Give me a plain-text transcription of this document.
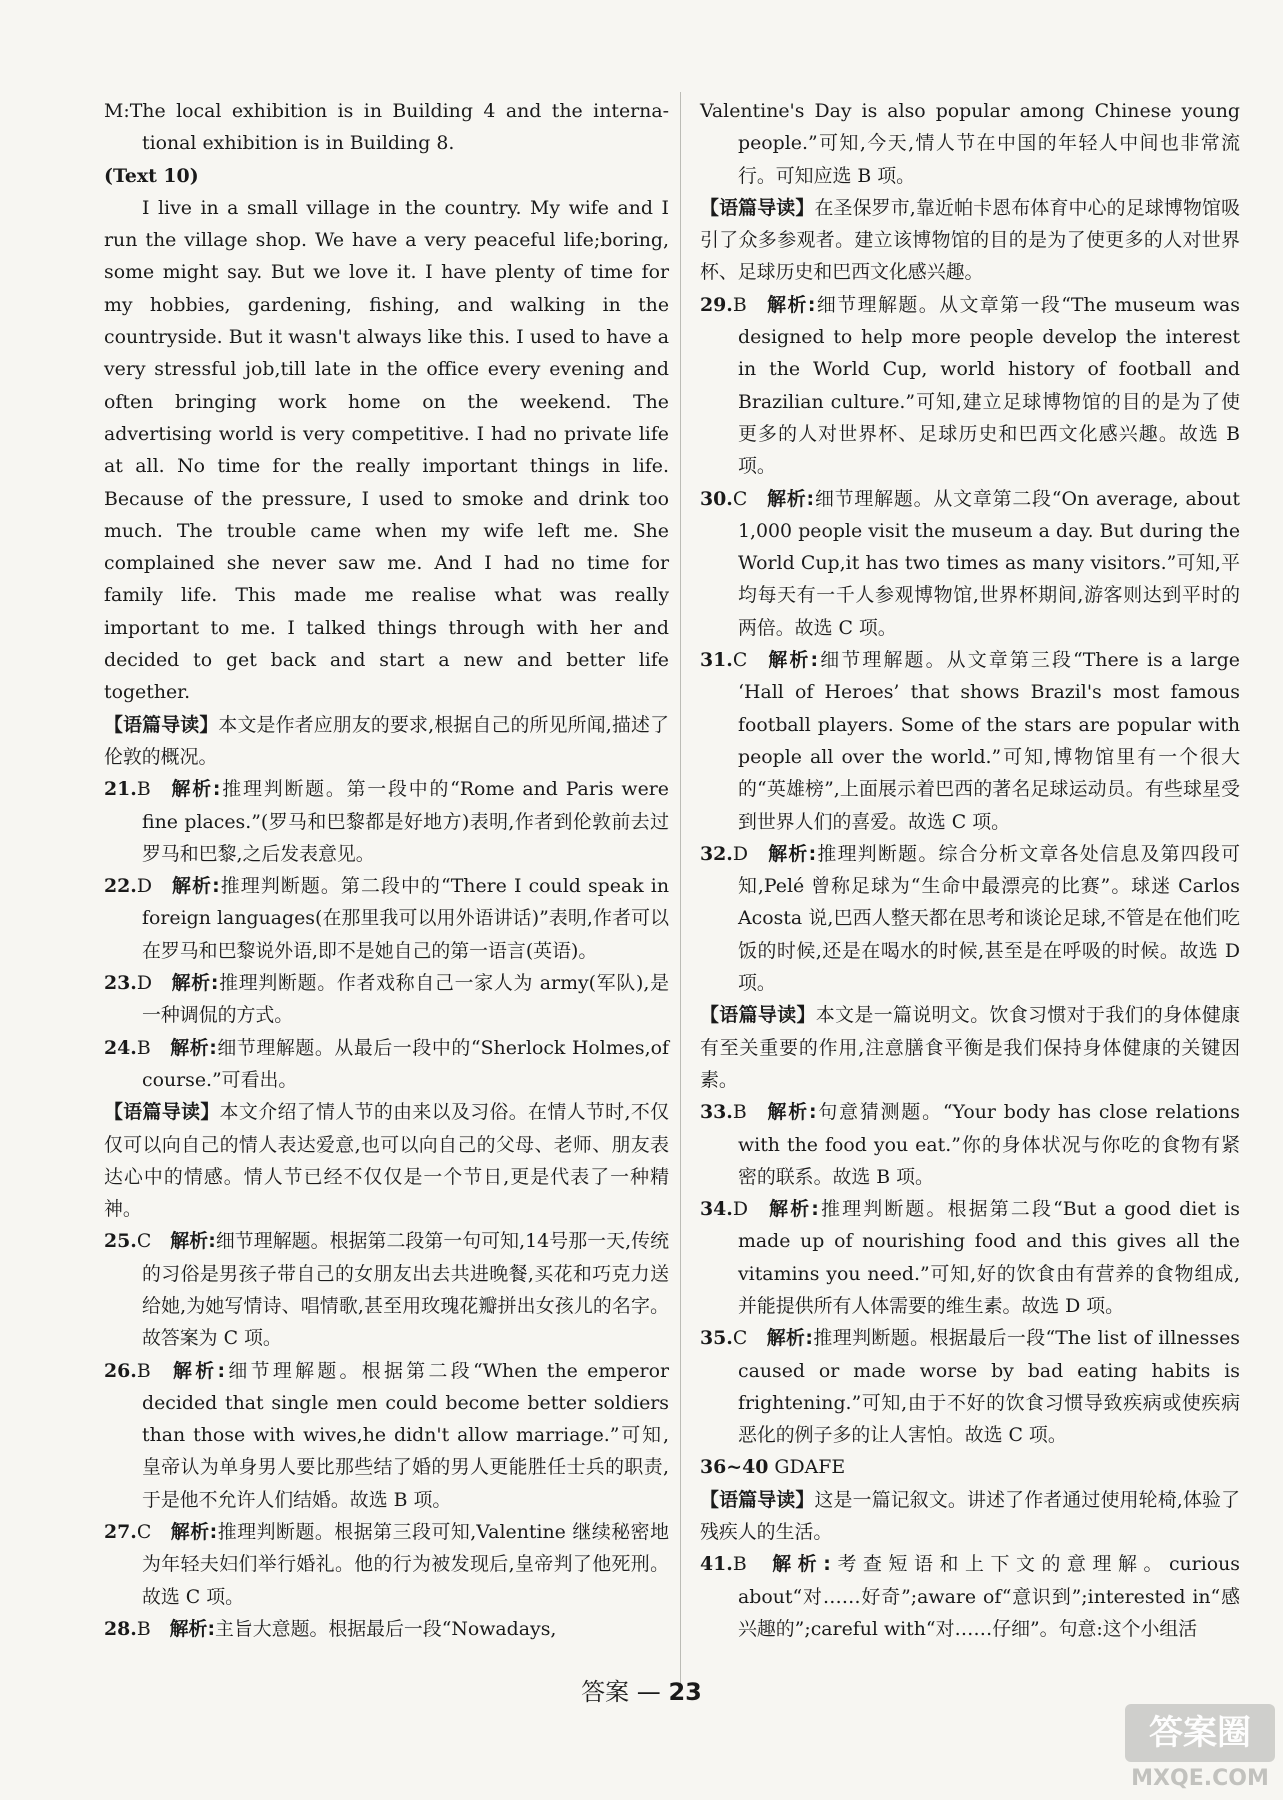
M:The local exhibition is in Building 4 and the interna-tional exhibition is in Building 8.

(Text 10)

I live in a small village in the country. My wife and I run the village shop. We have a very peaceful life;boring, some might say. But we love it. I have plenty of time for my hobbies, gardening, fishing, and walking in the countryside. But it wasn't always like this. I used to have a very stressful job,till late in the office every evening and often bringing work home on the weekend. The advertising world is very competitive. I had no private life at all. No time for the really important things in life. Because of the pressure, I used to smoke and drink too much. The trouble came when my wife left me. She complained she never saw me. And I had no time for family life. This made me realise what was really important to me. I talked things through with her and decided to get back and start a new and better life together.

【语篇导读】本文是作者应朋友的要求,根据自己的所见所闻,描述了伦敦的概况。

21.B  解析:推理判断题。第一段中的“Rome and Paris were fine places.”(罗马和巴黎都是好地方)表明,作者到伦敦前去过罗马和巴黎,之后发表意见。

22.D  解析:推理判断题。第二段中的“There I could speak in foreign languages(在那里我可以用外语讲话)”表明,作者可以在罗马和巴黎说外语,即不是她自己的第一语言(英语)。

23.D  解析:推理判断题。作者戏称自己一家人为 army(军队),是一种调侃的方式。

24.B  解析:细节理解题。从最后一段中的“Sherlock Holmes,of course.”可看出。

【语篇导读】本文介绍了情人节的由来以及习俗。在情人节时,不仅仅可以向自己的情人表达爱意,也可以向自己的父母、老师、朋友表达心中的情感。情人节已经不仅仅是一个节日,更是代表了一种精神。

25.C  解析:细节理解题。根据第二段第一句可知,14号那一天,传统的习俗是男孩子带自己的女朋友出去共进晚餐,买花和巧克力送给她,为她写情诗、唱情歌,甚至用玫瑰花瓣拼出女孩儿的名字。故答案为 C 项。

26.B  解析:细节理解题。根据第二段“When the emperor decided that single men could become better soldiers than those with wives,he didn't allow marriage.”可知,皇帝认为单身男人要比那些结了婚的男人更能胜任士兵的职责,于是他不允许人们结婚。故选 B 项。

27.C  解析:推理判断题。根据第三段可知,Valentine 继续秘密地为年轻夫妇们举行婚礼。他的行为被发现后,皇帝判了他死刑。故选 C 项。

28.B  解析:主旨大意题。根据最后一段“Nowadays,

Valentine's Day is also popular among Chinese young people.”可知,今天,情人节在中国的年轻人中间也非常流行。可知应选 B 项。

【语篇导读】在圣保罗市,靠近帕卡恩布体育中心的足球博物馆吸引了众多参观者。建立该博物馆的目的是为了使更多的人对世界杯、足球历史和巴西文化感兴趣。

29.B  解析:细节理解题。从文章第一段“The museum was designed to help more people develop the interest in the World Cup, world history of football and Brazilian culture.”可知,建立足球博物馆的目的是为了使更多的人对世界杯、足球历史和巴西文化感兴趣。故选 B 项。

30.C  解析:细节理解题。从文章第二段“On average, about 1,000 people visit the museum a day. But during the World Cup,it has two times as many visitors.”可知,平均每天有一千人参观博物馆,世界杯期间,游客则达到平时的两倍。故选 C 项。

31.C  解析:细节理解题。从文章第三段“There is a large ‘Hall of Heroes’ that shows Brazil's most famous football players. Some of the stars are popular with people all over the world.”可知,博物馆里有一个很大的“英雄榜”,上面展示着巴西的著名足球运动员。有些球星受到世界人们的喜爱。故选 C 项。

32.D  解析:推理判断题。综合分析文章各处信息及第四段可知,Pelé 曾称足球为“生命中最漂亮的比赛”。球迷 Carlos Acosta 说,巴西人整天都在思考和谈论足球,不管是在他们吃饭的时候,还是在喝水的时候,甚至是在呼吸的时候。故选 D 项。

【语篇导读】本文是一篇说明文。饮食习惯对于我们的身体健康有至关重要的作用,注意膳食平衡是我们保持身体健康的关键因素。

33.B  解析:句意猜测题。“Your body has close relations with the food you eat.”你的身体状况与你吃的食物有紧密的联系。故选 B 项。

34.D  解析:推理判断题。根据第二段“But a good diet is made up of nourishing food and this gives all the vitamins you need.”可知,好的饮食由有营养的食物组成,并能提供所有人体需要的维生素。故选 D 项。

35.C  解析:推理判断题。根据最后一段“The list of illnesses caused or made worse by bad eating habits is frightening.”可知,由于不好的饮食习惯导致疾病或使疾病恶化的例子多的让人害怕。故选 C 项。

36~40 GDAFE

【语篇导读】这是一篇记叙文。讲述了作者通过使用轮椅,体验了残疾人的生活。

41.B  解析:考查短语和上下文的意理解。curious about“对……好奇”;aware of“意识到”;interested in“感兴趣的”;careful with“对……仔细”。句意:这个小组活

答案 — 23
答案圈
MXQE.COM
